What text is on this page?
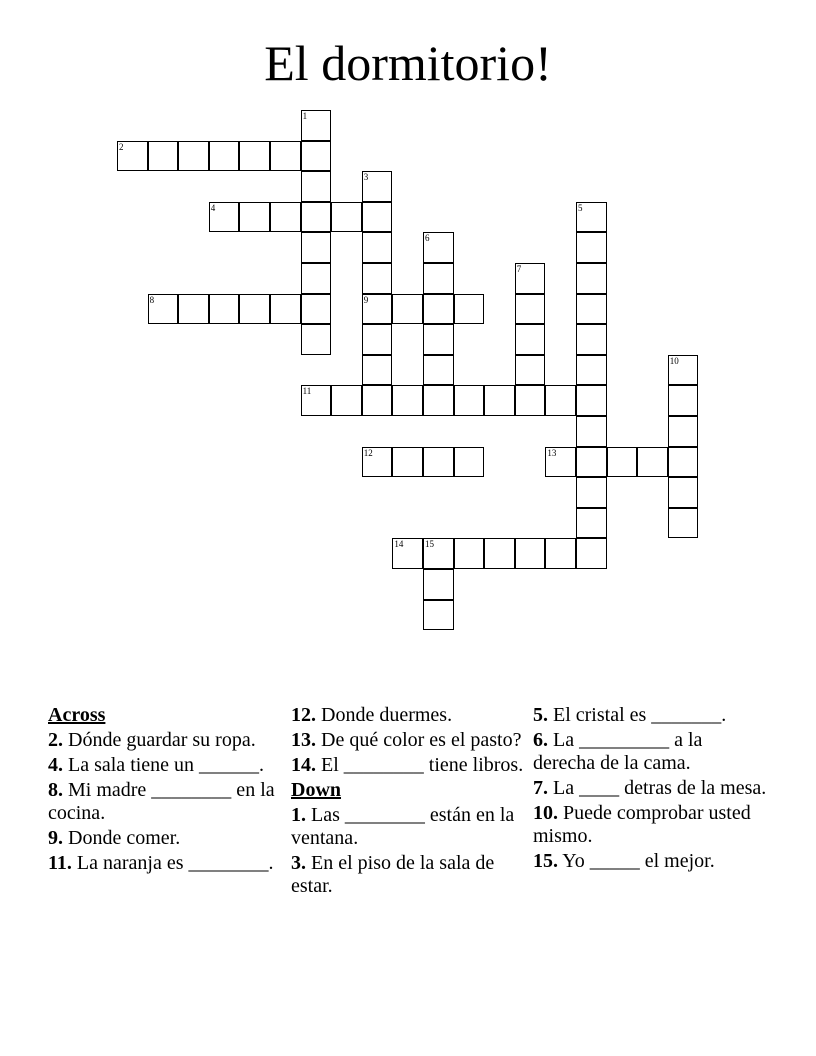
El dormitorio!
1
2
3
9
4	5
6
7
8
10
11
12	13
14 15
Across
2. Dónde guardar su ropa.
4. La sala tiene un ______.
8. Mi madre ________ en la cocina.
9. Donde comer.
11. La naranja es ________.
12. Donde duermes.
13. De qué color es el pasto?
14. El ________ tiene libros.
Down
1. Las ________ están en la ventana.
3. En el piso de la sala de estar.
5. El cristal es _______.
6. La _________ a la derecha de la cama.
7. La ____ detras de la mesa.
10. Puede comprobar usted mismo.
15. Yo _____ el mejor.
